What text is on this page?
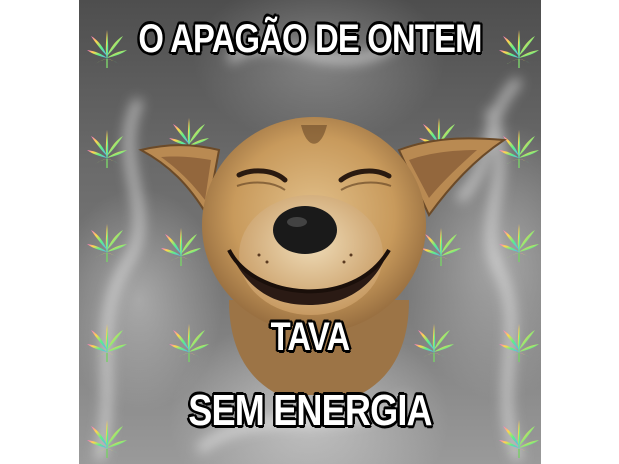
O APAGÃO DE ONTEM
TAVA
SEM ENERGIA
